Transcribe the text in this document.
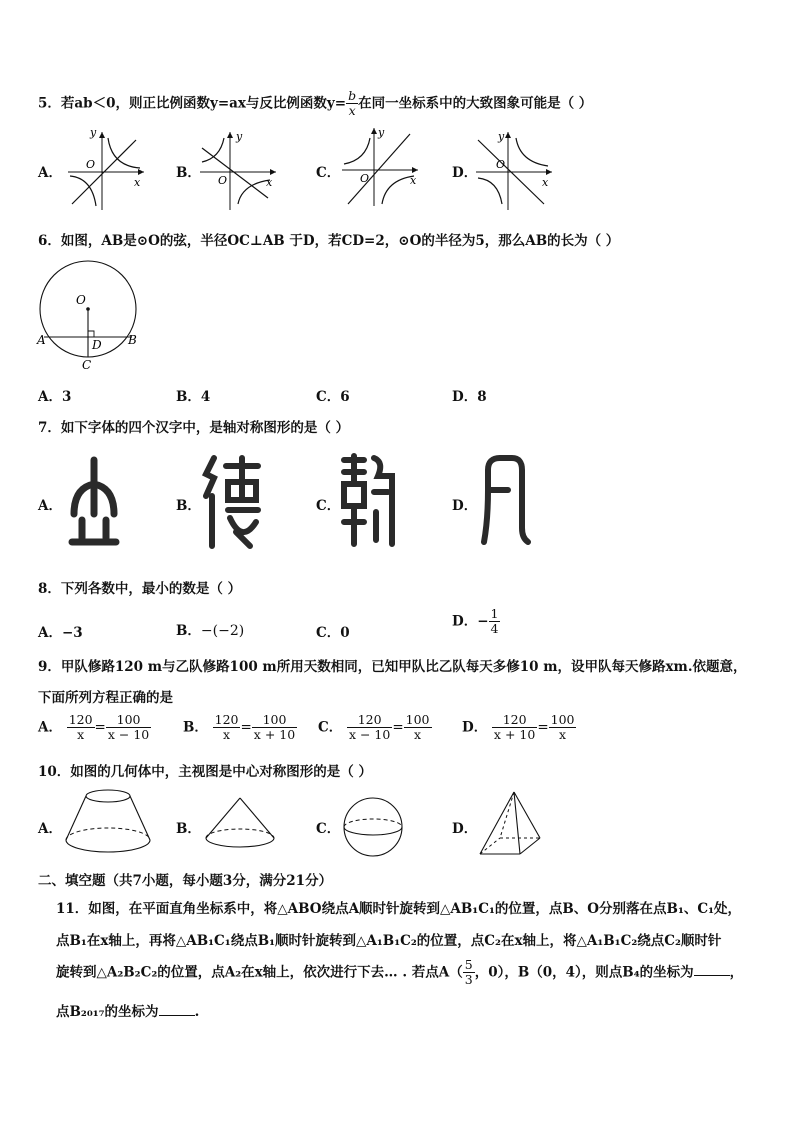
5．若ab＜0，则正比例函数y=ax与反比例函数$y= \frac{b}{x}$ 在同一坐标系中的大致图象可能是（ ）
A．
y
O
x
B．
y
O	x
C．
y
O	x	D．
y
O
x
6．如图，AB是⊙O的弦，半径OC⊥AB 于D，若CD=2，⊙O的半径为5，那么AB的长为（ ）
O
A	B
D
C
A．3	B．4	C．6	D．8
7．如下字体的四个汉字中，是轴对称图形的是（ ）
A．	B．	C．	D．
8．下列各数中，最小的数是（ ）
A．−3	B．−(−2)	C．0
D．− $\frac{1}{4}$
9．甲队修路120 m与乙队修路100 m所用天数相同，已知甲队比乙队每天多修10 m，设甲队每天修路xm.依题意，
下面所列方程正确的是
A． $\frac{120}{x} = \frac{100}{x - 10}$ B． $\frac{120}{x} = \frac{100}{x + 10}$ C． $\frac{120}{x - 10} = \frac{100}{x}$ D． $\frac{120}{x + 10} = \frac{100}{x}$
10．如图的几何体中，主视图是中心对称图形的是（ ）
A．	B．	C．	D．
二、填空题（共7小题，每小题3分，满分21分）
11．如图，在平面直角坐标系中，将△ABO绕点A顺时针旋转到△AB₁C₁的位置，点B、O分别落在点B₁、C₁处，
点B₁在x轴上，再将△AB₁C₁绕点B₁顺时针旋转到△A₁B₁C₂的位置，点C₂在x轴上，将△A₁B₁C₂绕点C₂顺时针
旋转到△A₂B₂C₂的位置，点A₂在x轴上，依次进行下去… . 若点$A( \frac{5}{3}$ ，0），B（0，4），则点B₄的坐标为	，
点B₂₀₁₇的坐标为	.
